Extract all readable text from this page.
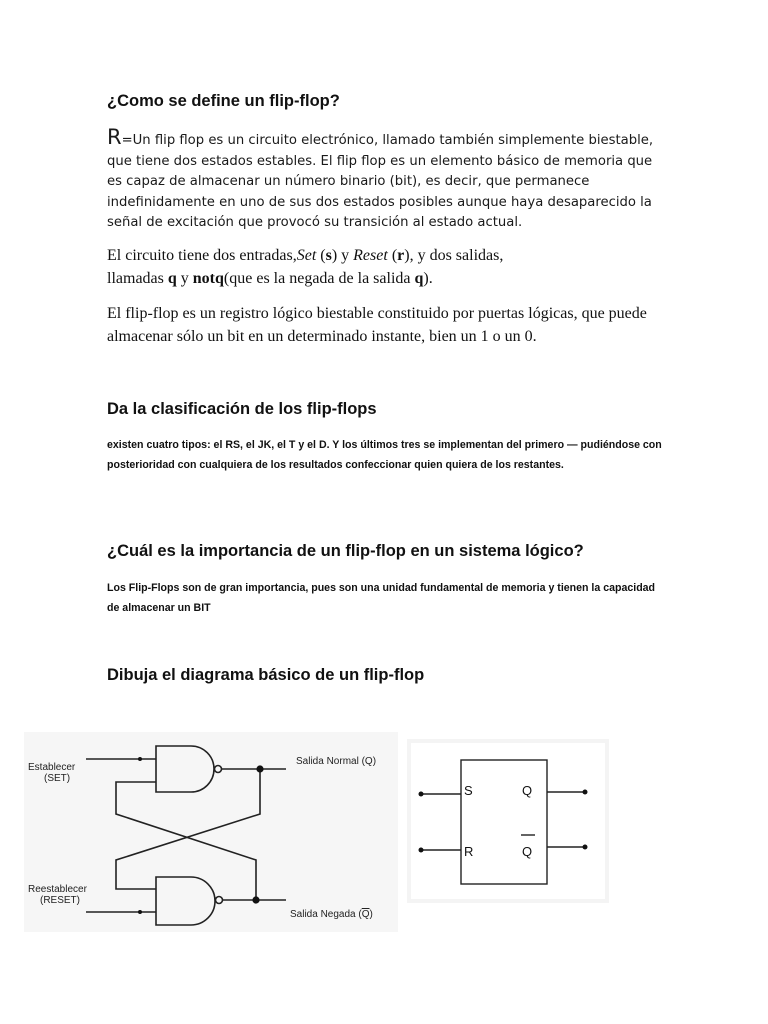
¿Como se define un flip-flop?

R=Un flip flop es un circuito electrónico, llamado también simplemente biestable, que tiene dos estados estables. El flip flop es un elemento básico de memoria que es capaz de almacenar un número binario (bit), es decir, que permanece indefinidamente en uno de sus dos estados posibles aunque haya desaparecido la señal de excitación que provocó su transición al estado actual.

El circuito tiene dos entradas,Set (s) y Reset (r), y dos salidas,
llamadas q y notq(que es la negada de la salida q).

El flip-flop es un registro lógico biestable constituido por puertas lógicas, que puede almacenar sólo un bit en un determinado instante, bien un 1 o un 0.

Da la clasificación de los flip-flops

existen cuatro tipos: el RS, el JK, el T y el D. Y los últimos tres se implementan del primero — pudiéndose con posterioridad con cualquiera de los resultados confeccionar quien quiera de los restantes.

¿Cuál es la importancia de un flip-flop en un sistema lógico?

Los Flip-Flops son de gran importancia, pues son una unidad fundamental de memoria y tienen la capacidad de almacenar un BIT

Dibuja el diagrama básico de un flip-flop
Establecer
(SET)
Reestablecer
(RESET)
Salida Normal (Q)
Salida Negada (Q)
S
R
Q
Q
